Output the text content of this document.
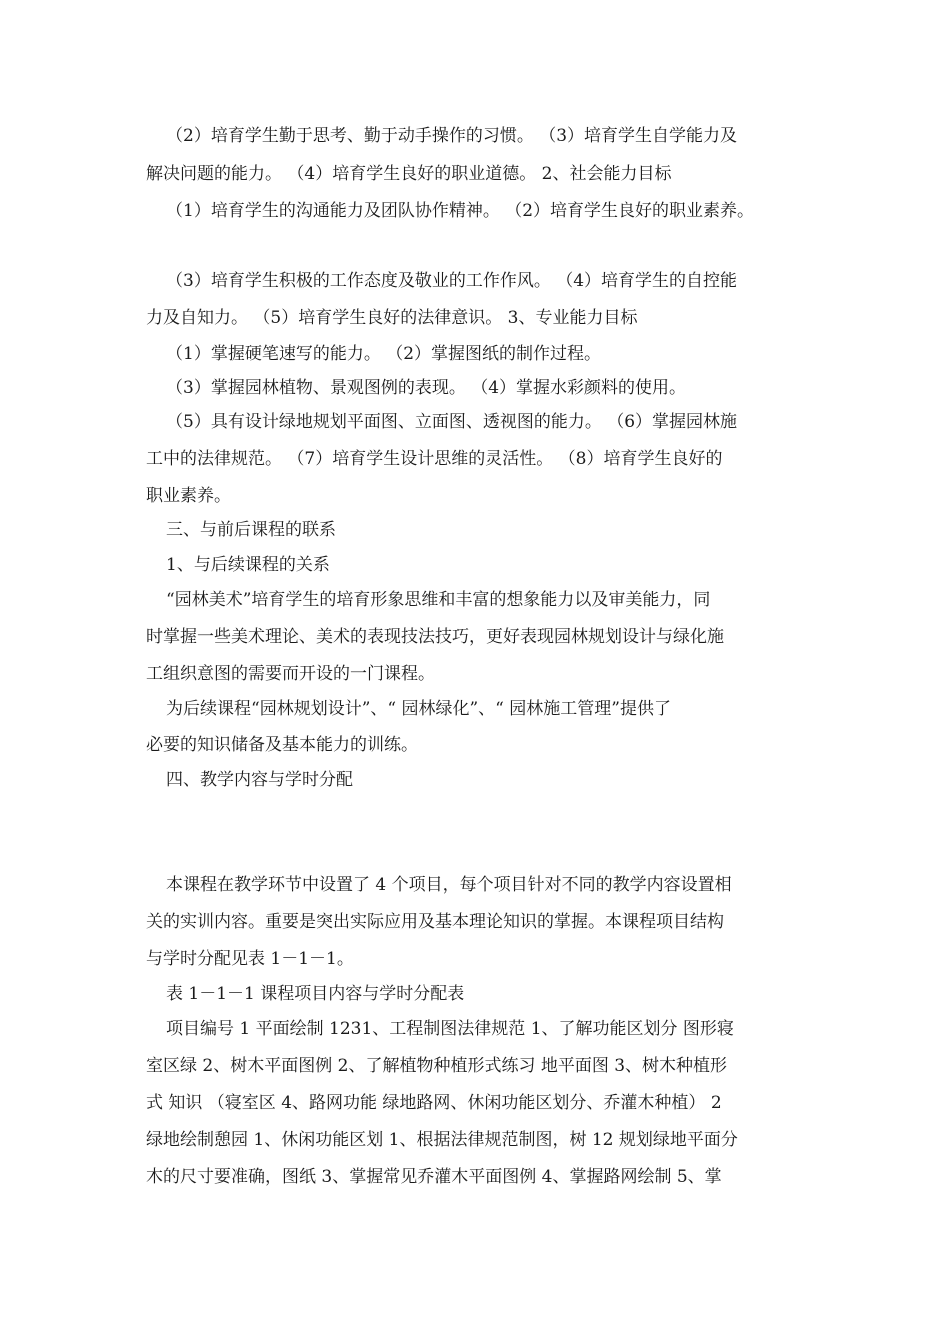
（2）培育学生勤于思考、勤于动手操作的习惯。 （3）培育学生自学能力及
解决问题的能力。 （4）培育学生良好的职业道德。 2、社会能力目标
（1）培育学生的沟通能力及团队协作精神。 （2）培育学生良好的职业素养。
（3）培育学生积极的工作态度及敬业的工作作风。 （4）培育学生的自控能
力及自知力。 （5）培育学生良好的法律意识。 3、专业能力目标
（1）掌握硬笔速写的能力。 （2）掌握图纸的制作过程。
（3）掌握园林植物、景观图例的表现。 （4）掌握水彩颜料的使用。
（5）具有设计绿地规划平面图、立面图、透视图的能力。 （6）掌握园林施
工中的法律规范。 （7）培育学生设计思维的灵活性。 （8）培育学生良好的
职业素养。
三、与前后课程的联系
1、与后续课程的关系
“园林美术”培育学生的培育形象思维和丰富的想象能力以及审美能力，同
时掌握一些美术理论、美术的表现技法技巧，更好表现园林规划设计与绿化施
工组织意图的需要而开设的一门课程。
为后续课程“园林规划设计”、“ 园林绿化”、“ 园林施工管理”提供了
必要的知识储备及基本能力的训练。
四、教学内容与学时分配
本课程在教学环节中设置了 4 个项目，每个项目针对不同的教学内容设置相
关的实训内容。重要是突出实际应用及基本理论知识的掌握。本课程项目结构
与学时分配见表 1－1－1。
表 1－1－1 课程项目内容与学时分配表
项目编号 1 平面绘制 1231、工程制图法律规范 1、了解功能区划分 图形寝
室区绿 2、树木平面图例 2、了解植物种植形式练习 地平面图 3、树木种植形
式 知识 （寝室区 4、路网功能 绿地路网、休闲功能区划分、乔灌木种植） 2
绿地绘制憩园 1、休闲功能区划 1、根据法律规范制图，树 12 规划绿地平面分
木的尺寸要准确，图纸 3、掌握常见乔灌木平面图例 4、掌握路网绘制 5、掌
